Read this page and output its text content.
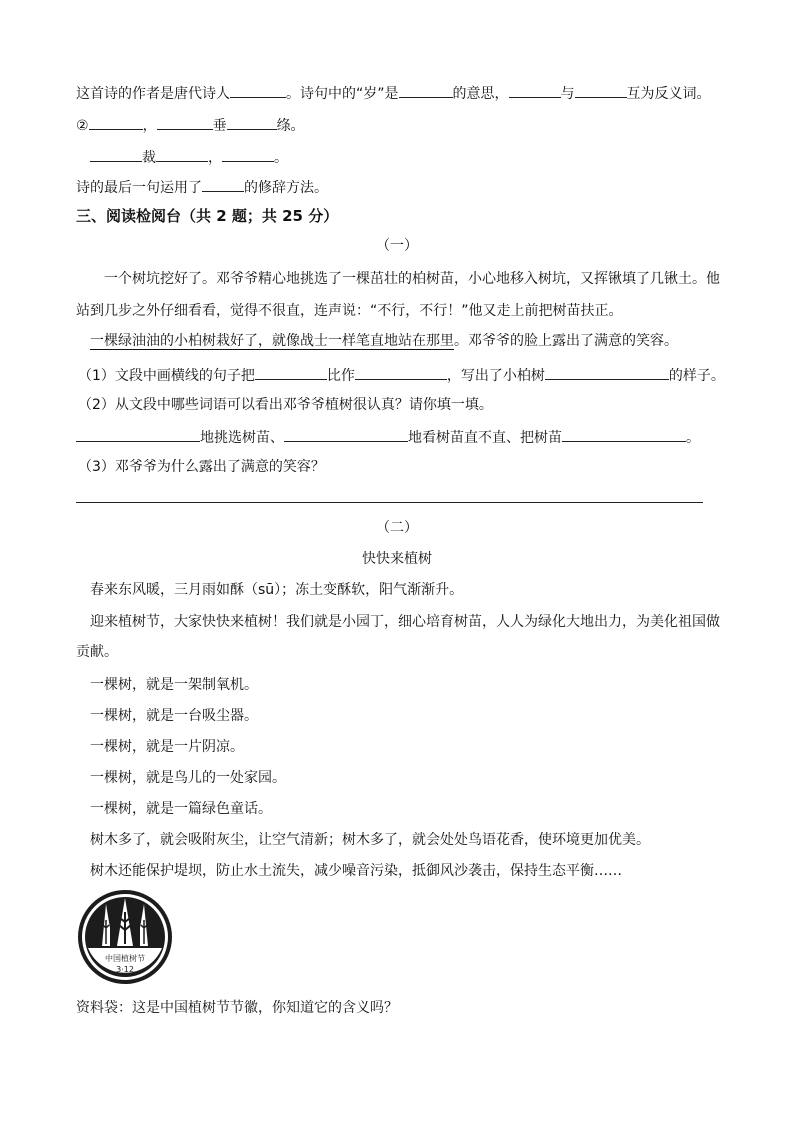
这首诗的作者是唐代诗人	。诗句中的“岁”是	的意思，	与	互为反义词。
②	，	垂	绦。
裁	，	。
诗的最后一句运用了	的修辞方法。
三、阅读检阅台（共 2 题；共 25 分）
（一）
一个树坑挖好了。邓爷爷精心地挑选了一棵茁壮的柏树苗，小心地移入树坑，又挥锹填了几锹土。他
站到几步之外仔细看看，觉得不很直，连声说：“不行，不行！”他又走上前把树苗扶正。
一棵绿油油的小柏树栽好了，就像战士一样笔直地站在那里。邓爷爷的脸上露出了满意的笑容。
（1）文段中画横线的句子把	比作	，写出了小柏树	的样子。
（2）从文段中哪些词语可以看出邓爷爷植树很认真？请你填一填。
地挑选树苗、	地看树苗直不直、把树苗	。
（3）邓爷爷为什么露出了满意的笑容？
（二）
快快来植树
春来东风暖，三月雨如酥（sū）；冻土变酥软，阳气渐渐升。
迎来植树节，大家快快来植树！我们就是小园丁，细心培育树苗，人人为绿化大地出力，为美化祖国做
贡献。
一棵树，就是一架制氧机。
一棵树，就是一台吸尘器。
一棵树，就是一片阴凉。
一棵树，就是鸟儿的一处家园。
一棵树，就是一篇绿色童话。
树木多了，就会吸附灰尘，让空气清新；树木多了，就会处处鸟语花香，使环境更加优美。
树木还能保护堤坝，防止水土流失，减少噪音污染，抵御风沙袭击，保持生态平衡……
中国植树节
3·12
资料袋：这是中国植树节节徽，你知道它的含义吗？
